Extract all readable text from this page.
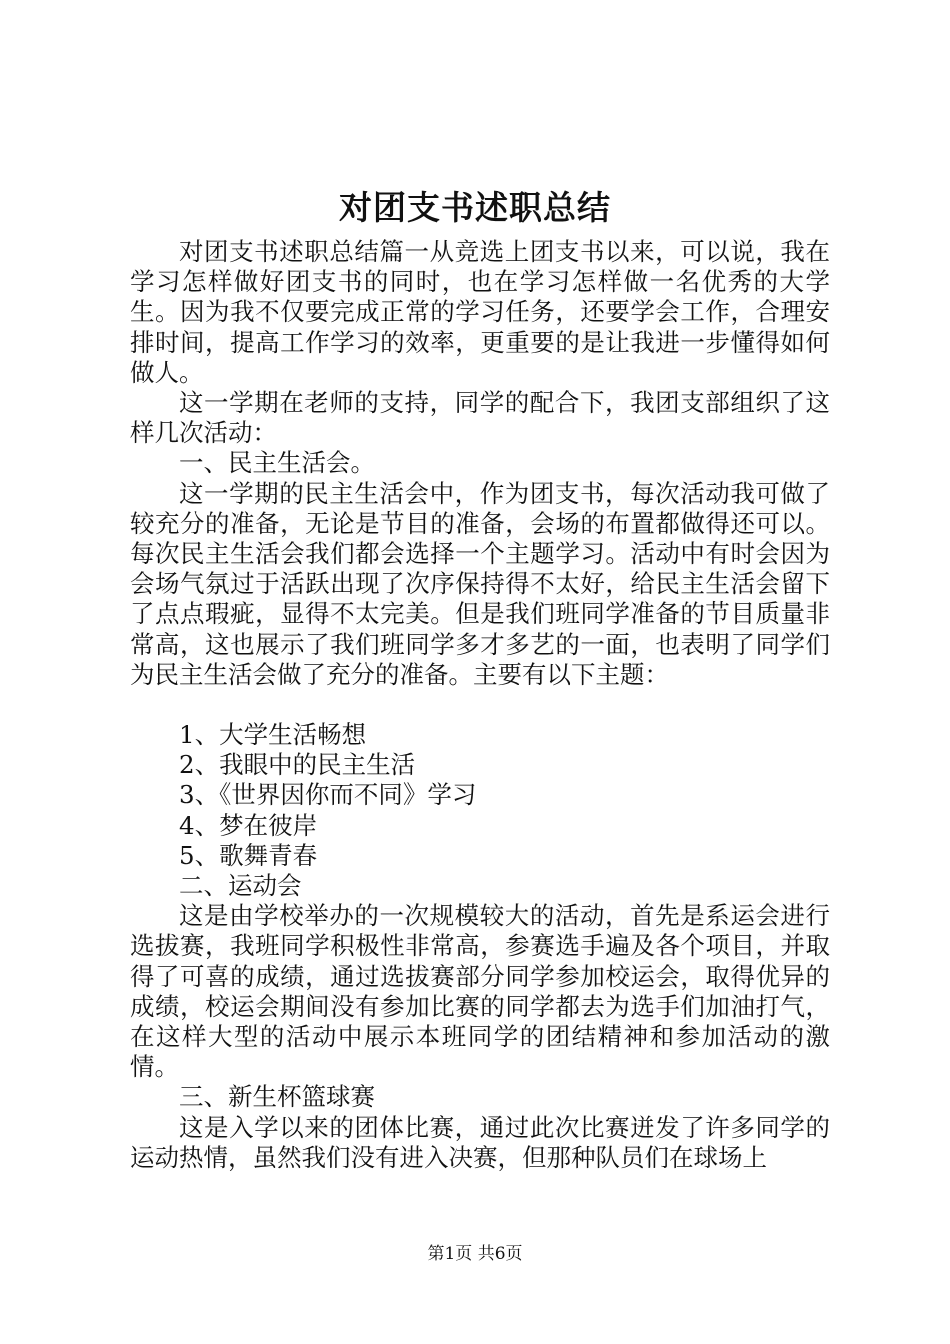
对团支书述职总结

对团支书述职总结篇一从竞选上团支书以来，可以说，我在学习怎样做好团支书的同时，也在学习怎样做一名优秀的大学生。因为我不仅要完成正常的学习任务，还要学会工作，合理安排时间，提高工作学习的效率，更重要的是让我进一步懂得如何做人。

这一学期在老师的支持，同学的配合下，我团支部组织了这样几次活动：

一、民主生活会。

这一学期的民主生活会中，作为团支书，每次活动我可做了较充分的准备，无论是节目的准备，会场的布置都做得还可以。每次民主生活会我们都会选择一个主题学习。活动中有时会因为会场气氛过于活跃出现了次序保持得不太好，给民主生活会留下了点点瑕疵，显得不太完美。但是我们班同学准备的节目质量非常高，这也展示了我们班同学多才多艺的一面，也表明了同学们为民主生活会做了充分的准备。主要有以下主题：

1、大学生活畅想

2、我眼中的民主生活

3、《世界因你而不同》学习

4、梦在彼岸

5、歌舞青春

二、运动会

这是由学校举办的一次规模较大的活动，首先是系运会进行选拔赛，我班同学积极性非常高，参赛选手遍及各个项目，并取得了可喜的成绩，通过选拔赛部分同学参加校运会，取得优异的成绩，校运会期间没有参加比赛的同学都去为选手们加油打气，在这样大型的活动中展示本班同学的团结精神和参加活动的激情。

三、新生杯篮球赛

这是入学以来的团体比赛，通过此次比赛迸发了许多同学的运动热情，虽然我们没有进入决赛，但那种队员们在球场上

第1页 共6页
